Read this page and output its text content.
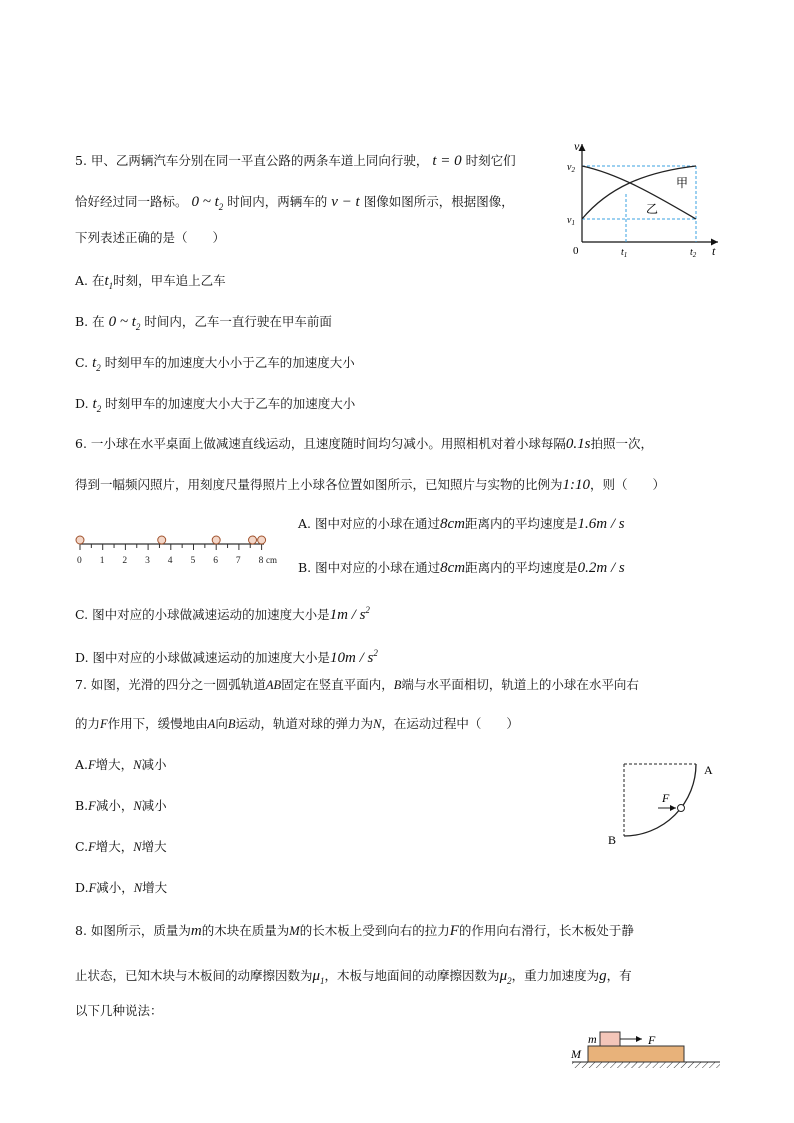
5. 甲、乙两辆汽车分别在同一平直公路的两条车道上同向行驶， t = 0 时刻它们
恰好经过同一路标。 0 ~ $t_2$ 时间内，两辆车的 v − t 图像如图所示，根据图像，
下列表述正确的是（　　）
A. 在$t_1$时刻，甲车追上乙车
B. 在 0 ~ $t_2$ 时间内，乙车一直行驶在甲车前面
C. $t_2$ 时刻甲车的加速度大小小于乙车的加速度大小
D. $t_2$ 时刻甲车的加速度大小大于乙车的加速度大小
v
t
0
$v_2$
$v_1$
$t_1$	$t_2$
甲
乙
6. 一小球在水平桌面上做减速直线运动，且速度随时间均匀减小。用照相机对着小球每隔0.1s拍照一次，
得到一幅频闪照片，用刻度尺量得照片上小球各位置如图所示，已知照片与实物的比例为1:10，则（　　）
0 1 2 3 4 5 6 7 8 cm
A. 图中对应的小球在通过8cm距离内的平均速度是1.6m / s
B. 图中对应的小球在通过8cm距离内的平均速度是0.2m / s
C. 图中对应的小球做减速运动的加速度大小是$1m / s^2$
D. 图中对应的小球做减速运动的加速度大小是$10m / s^2$
7. 如图，光滑的四分之一圆弧轨道AB固定在竖直平面内，B端与水平面相切，轨道上的小球在水平向右
的力F作用下，缓慢地由A向B运动，轨道对球的弹力为N，在运动过程中（　　）
A.F增大，N减小
B.F减小，N减小
C.F增大，N增大
D.F减小，N增大
F
A
B
8. 如图所示，质量为m的木块在质量为M的长木板上受到向右的拉力F的作用向右滑行，长木板处于静
止状态，已知木块与木板间的动摩擦因数为$\mu_1$，木板与地面间的动摩擦因数为$\mu_2$，重力加速度为g，有
以下几种说法：
m
M
F
